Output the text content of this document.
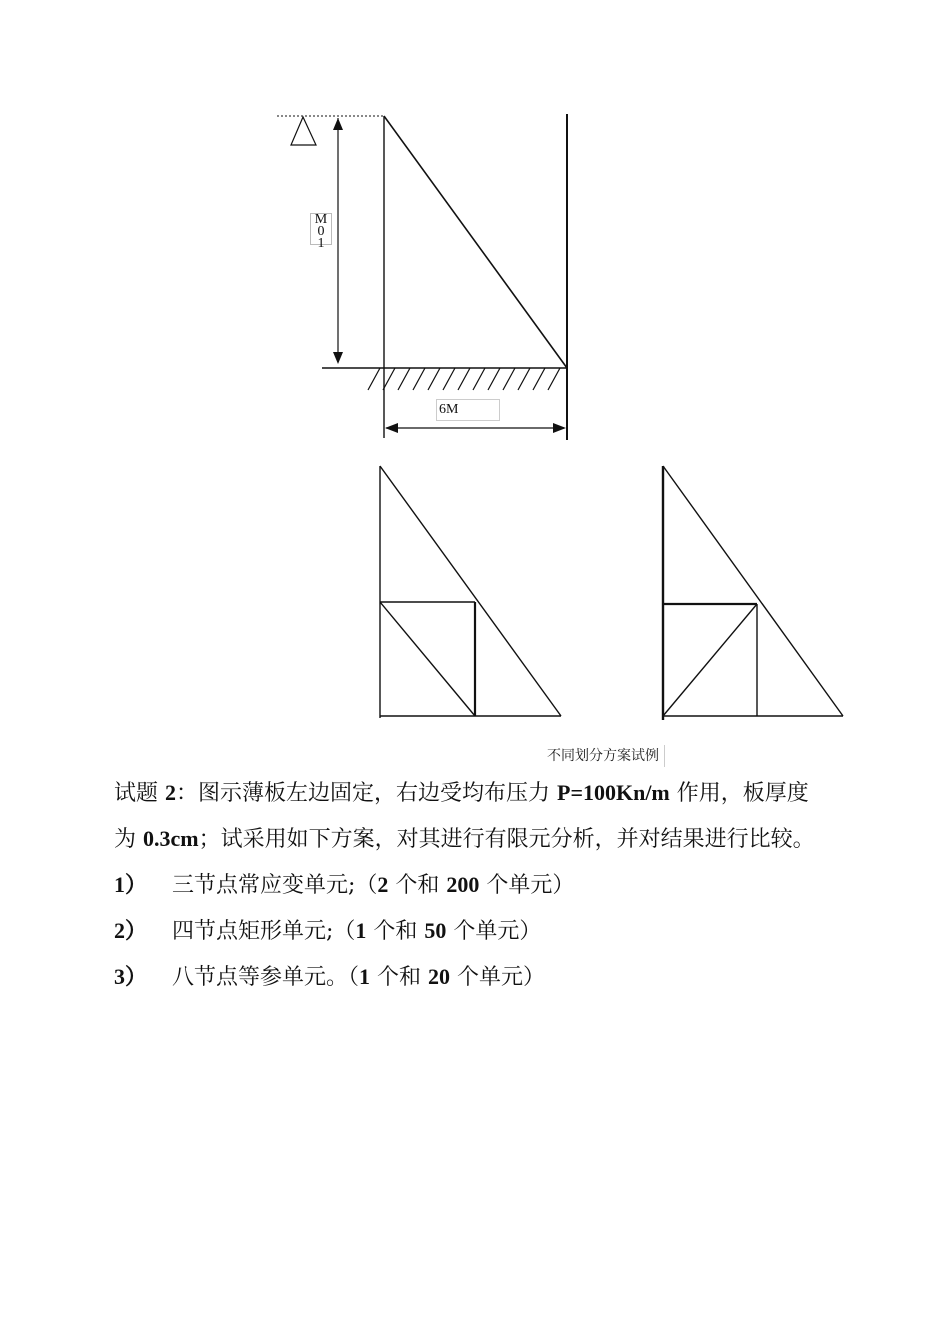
M
0
1
6M
不同划分方案试例

试题 2：图示薄板左边固定，右边受均布压力 P=100Kn/m 作用，板厚度

为 0.3cm；试采用如下方案，对其进行有限元分析，并对结果进行比较。

1）	三节点常应变单元;（2 个和 200 个单元）
2）	四节点矩形单元;（1 个和 50 个单元）
3）	八节点等参单元。（1 个和 20 个单元）
